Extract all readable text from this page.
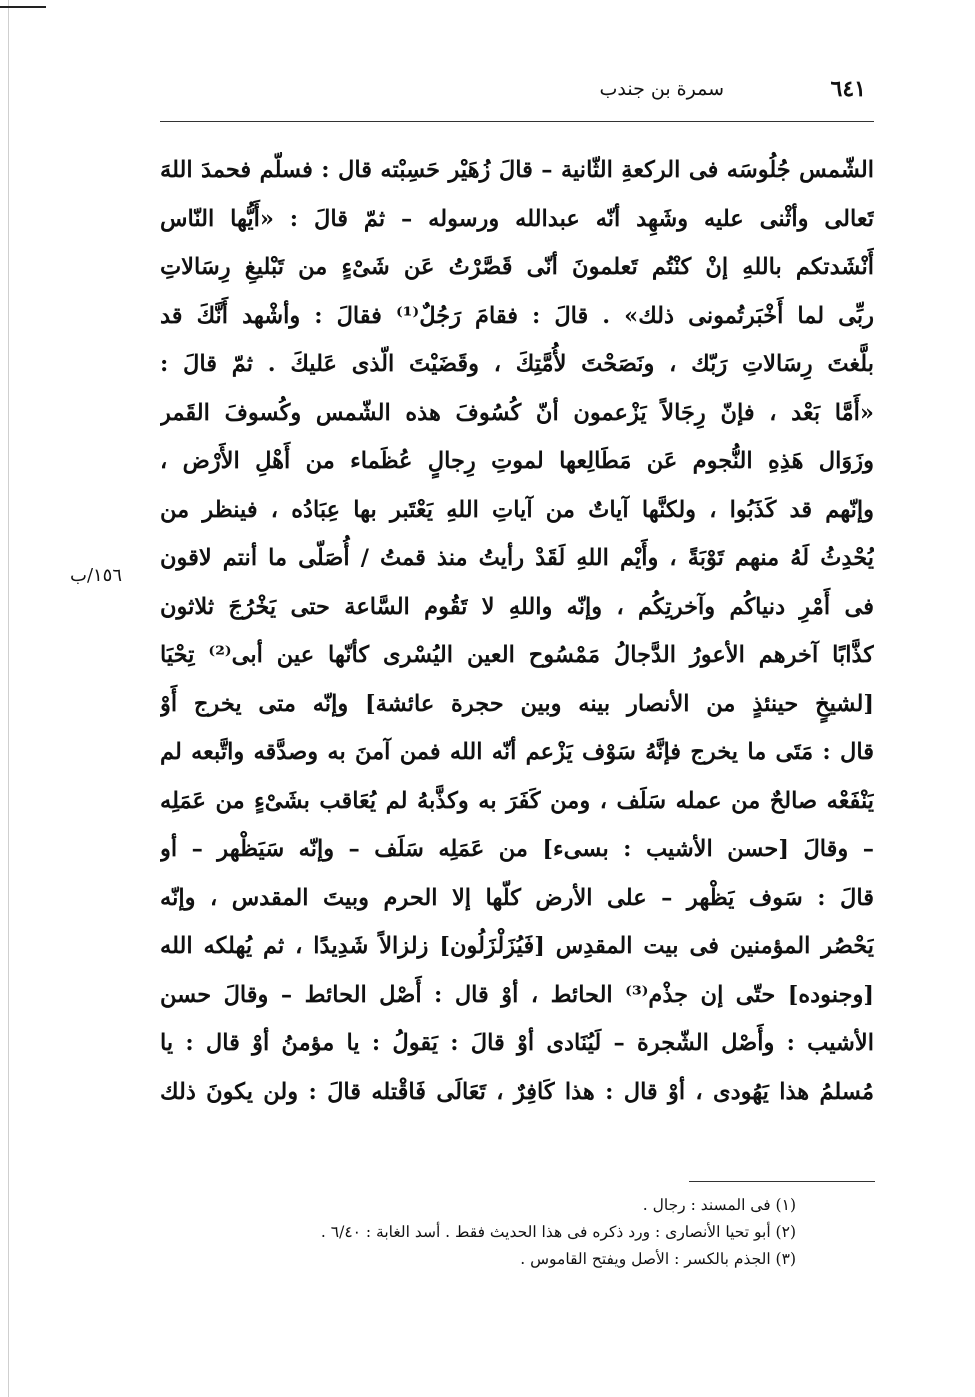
٦٤١
سمرة بن جندب
١٥٦/ب
الشّمس جُلُوسَه فى الركعةِ الثّانية – قالَ زُهَيْر حَسِبْته قال : فسلّم فحمدَ اللهَ
تَعالى وأثْنى عليه وشَهِد أنّه عبدالله ورسوله – ثمّ قالَ : «أَيُّها النّاس
أَنْشَدتكم باللهِ إنْ كنْتُم تَعلمونَ أنّى قَصَّرْتُ عَن شَىْءٍ من تَبْليغِ رِسَالاتِ
ربِّى لما أَخْبَرتُمونى ذلك» . قالَ : فقامَ رَجُلٌ⁽¹⁾ فقالَ : وأشْهد أَنَّكَ قد
بلَّغتَ رِسَالاتِ رَبّك ، ونَصَحْتَ لأُمَّتِكَ ، وقَضَيْتَ الّذى عَليكَ . ثمّ قالَ :
«أَمَّا بَعْد ، فإنّ رِجَالاً يَزْعمون أنّ كُسُوفَ هذه الشّمس وكُسوفَ القَمر
وزَوَال هَذِهِ النُّجوم عَن مَطَالِعها لموتِ رِجالٍ عُظَماء من أَهْلِ الأَرْض ،
وإنّهم قد كَذَبُوا ، ولكنَّها آياتٌ من آياتِ اللهِ يَعْتَبر بها عِبَادُه ، فينظر من
يُحْدِثُ لَهُ منهم تَوْبَةً ، وأَيْم اللهِ لَقَدْ رأيتُ منذ قمتُ / أُصَلّى ما أنتم لاقون
فى أَمْرِ دنياكُم وآخرتِكُم ، وإنّه واللهِ لا تَقُوم السَّاعة حتى يَخْرُجَ ثلاثون
كذَّابًا آخرهم الأعورُ الدَّجالُ مَمْسُوح العين اليُسْرى كأنّها عين أبى⁽²⁾ تِحْيَا
[لشيخٍ حينئذٍ من الأنصار بينه وبين حجرة عائشة] وإنّه متى يخرج أَوْ
قال : مَتَى ما يخرج فإنَّهُ سَوْف يَزْعم أنّه الله فمن آمنَ به وصدَّقه واتَّبعه لم
يَنْفَعْه صالحٌ من عمله سَلَف ، ومن كَفَرَ به وكذَّبهُ لم يُعَاقب بشَىْءٍ من عَمَلِه
– وقالَ [حسن الأشيب : بسىء] من عَمَلِه سَلَف – وإنّه سَيَظْهر – أو
قالَ : سَوف يَظْهر – على الأرض كلّها إلا الحرم وبيتَ المقدس ، وإنّه
يَحْصُر المؤمنين فى بيت المقدِس [فَيُزَلْزَلُون] زلزالاً شَدِيدًا ، ثم يُهلكه الله
[وجنوده] حتّى إن جذْم⁽³⁾ الحائط ، أوْ قال : أَصْل الحائط – وقالَ حسن
الأشيب : وأَصْل الشّجرة – لَيُنَادى أوْ قالَ : يَقولُ : يا مؤمنُ أوْ قال : يا
مُسلمُ هذا يَهُودى ، أوْ قال : هذا كَافِرٌ ، تَعَالَى فَاقْتله قالَ : ولن يكونَ ذلك
(١) فى المسند : رجال .
(٢) أبو تحيا الأنصارى : ورد ذكره فى هذا الحديث فقط . أسد الغابة : ٦/٤٠ .
(٣) الجذم بالكسر : الأصل ويفتح القاموس .
